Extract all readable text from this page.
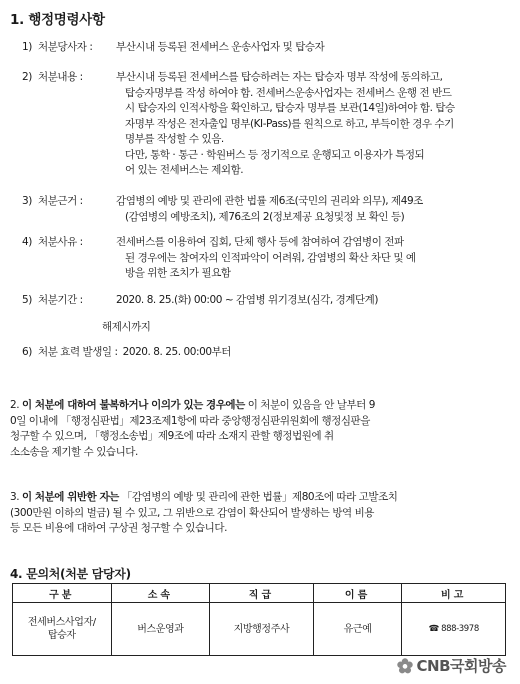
1. 행정명령사항
1) 처분당사자 : 부산시내 등록된 전세버스 운송사업자 및 탑승자
2) 처분내용 :	부산시내 등록된 전세버스를 탑승하려는 자는 탑승자 명부 작성에 동의하고,
탑승자명부를 작성 하여야 함. 전세버스운송사업자는 전세버스 운행 전 반드
시 탑승자의 인적사항을 확인하고, 탑승자 명부를 보관(14일)하여야 함. 탑승
자명부 작성은 전자출입 명부(KI-Pass)를 원칙으로 하고, 부득이한 경우 수기
명부를 작성할 수 있음.
다만, 통학 · 통근 · 학원버스 등 정기적으로 운행되고 이용자가 특정되
어 있는 전세버스는 제외함.
3) 처분근거 :	감염병의 예방 및 관리에 관한 법률 제6조(국민의 권리와 의무), 제49조
(감염병의 예방조치), 제76조의 2(정보제공 요청및정 보 확인 등)
4) 처분사유 :	전세버스를 이용하여 집회, 단체 행사 등에 참여하여 감염병이 전파
된 경우에는 참여자의 인적파악이 어려워, 감염병의 확산 차단 및 예
방을 위한 조치가 필요함
5) 처분기간 :	2020. 8. 25.(화) 00:00 ~ 감염병 위기경보(심각, 경계단계)
해제시까지
6) 처분 효력 발생일 : 2020. 8. 25. 00:00부터
2. 이 처분에 대하여 불복하거나 이의가 있는 경우에는 이 처분이 있음을 안 날부터 9
0일 이내에 「행정심판법」제23조제1항에 따라 중앙행정심판위원회에 행정심판을
청구할 수 있으며, 「행정소송법」제9조에 따라 소재지 관할 행정법원에 취
소소송을 제기할 수 있습니다.
3. 이 처분에 위반한 자는 「감염병의 예방 및 관리에 관한 법률」제80조에 따라 고발조치
(300만원 이하의 벌금) 될 수 있고, 그 위반으로 감염이 확산되어 발생하는 방역 비용
등 모든 비용에 대하여 구상권 청구할 수 있습니다.
4. 문의처(처분 담당자)
구분	소속	직급	이름	비고
전세버스사업자/
탑승자	버스운영과	지방행정주사	유근예	☎ 888-3978
CNB국회방송
